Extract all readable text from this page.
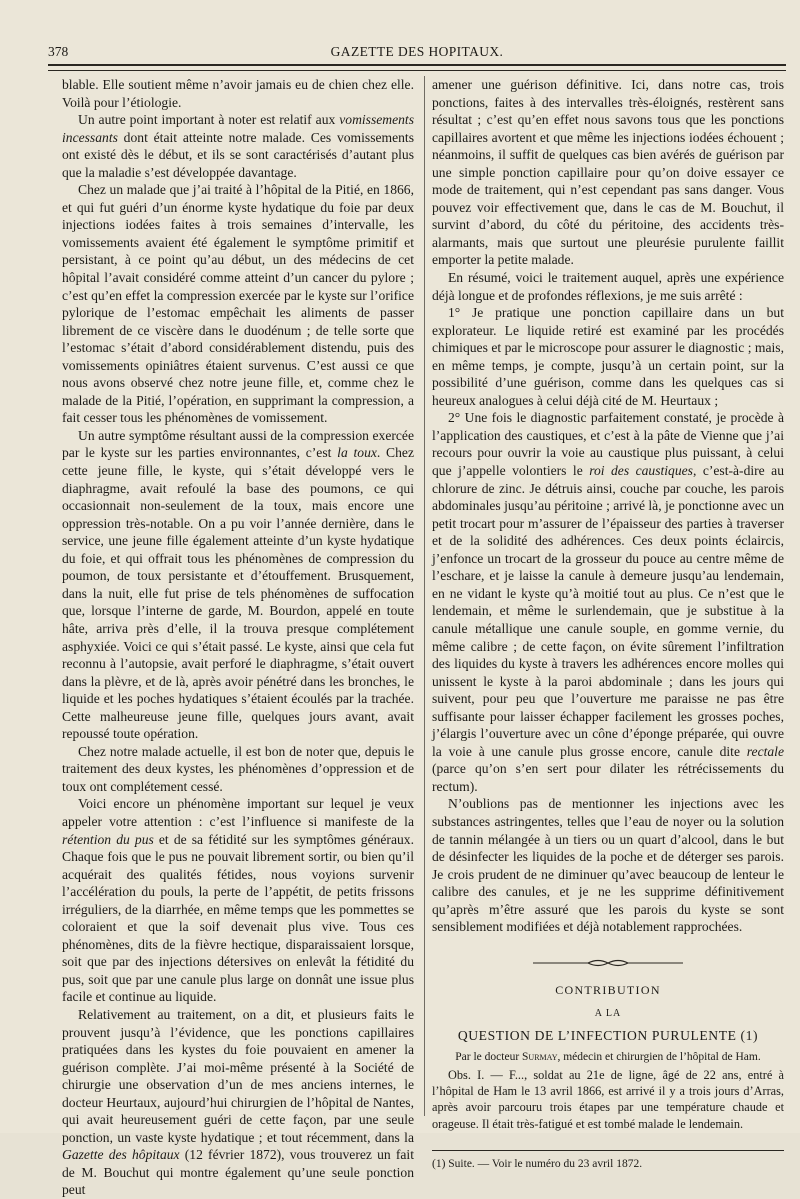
378	GAZETTE DES HOPITAUX.

blable. Elle soutient même n’avoir jamais eu de chien chez elle. Voilà pour l’étiologie.

Un autre point important à noter est relatif aux vomissements incessants dont était atteinte notre malade. Ces vomissements ont existé dès le début, et ils se sont caractérisés d’autant plus que la maladie s’est développée davantage.

Chez un malade que j’ai traité à l’hôpital de la Pitié, en 1866, et qui fut guéri d’un énorme kyste hydatique du foie par deux injections iodées faites à trois semaines d’intervalle, les vomissements avaient été également le symptôme primitif et persistant, à ce point qu’au début, un des médecins de cet hôpital l’avait considéré comme atteint d’un cancer du pylore ; c’est qu’en effet la compression exercée par le kyste sur l’orifice pylorique de l’estomac empêchait les aliments de passer librement de ce viscère dans le duodénum ; de telle sorte que l’estomac s’était d’abord considérablement distendu, puis des vomissements opiniâtres étaient survenus. C’est aussi ce que nous avons observé chez notre jeune fille, et, comme chez le malade de la Pitié, l’opération, en supprimant la compression, a fait cesser tous les phénomènes de vomissement.

Un autre symptôme résultant aussi de la compression exercée par le kyste sur les parties environnantes, c’est la toux. Chez cette jeune fille, le kyste, qui s’était développé vers le diaphragme, avait refoulé la base des poumons, ce qui occasionnait non-seulement de la toux, mais encore une oppression très-notable. On a pu voir l’année dernière, dans le service, une jeune fille également atteinte d’un kyste hydatique du foie, et qui offrait tous les phénomènes de compression du poumon, de toux persistante et d’étouffement. Brusquement, dans la nuit, elle fut prise de tels phénomènes de suffocation que, lorsque l’interne de garde, M. Bourdon, appelé en toute hâte, arriva près d’elle, il la trouva presque complétement asphyxiée. Voici ce qui s’était passé. Le kyste, ainsi que cela fut reconnu à l’autopsie, avait perforé le diaphragme, s’était ouvert dans la plèvre, et de là, après avoir pénétré dans les bronches, le liquide et les poches hydatiques s’étaient écoulés par la trachée. Cette malheureuse jeune fille, quelques jours avant, avait repoussé toute opération.

Chez notre malade actuelle, il est bon de noter que, depuis le traitement des deux kystes, les phénomènes d’oppression et de toux ont complétement cessé.

Voici encore un phénomène important sur lequel je veux appeler votre attention : c’est l’influence si manifeste de la rétention du pus et de sa fétidité sur les symptômes généraux. Chaque fois que le pus ne pouvait librement sortir, ou bien qu’il acquérait des qualités fétides, nous voyions survenir l’accélération du pouls, la perte de l’appétit, de petits frissons irréguliers, de la diarrhée, en même temps que les pommettes se coloraient et que la soif devenait plus vive. Tous ces phénomènes, dits de la fièvre hectique, disparaissaient lorsque, soit que par des injections détersives on enlevât la fétidité du pus, soit que par une canule plus large on donnât une issue plus facile et continue au liquide.

Relativement au traitement, on a dit, et plusieurs faits le prouvent jusqu’à l’évidence, que les ponctions capillaires pratiquées dans les kystes du foie pouvaient en amener la guérison complète. J’ai moi-même présenté à la Société de chirurgie une observation d’un de mes anciens internes, le docteur Heurtaux, aujourd’hui chirurgien de l’hôpital de Nantes, qui avait heureusement guéri de cette façon, par une seule ponction, un vaste kyste hydatique ; et tout récemment, dans la Gazette des hôpitaux (12 février 1872), vous trouverez un fait de M. Bouchut qui montre également qu’une seule ponction peut

amener une guérison définitive. Ici, dans notre cas, trois ponctions, faites à des intervalles très-éloignés, restèrent sans résultat ; c’est qu’en effet nous savons tous que les ponctions capillaires avortent et que même les injections iodées échouent ; néanmoins, il suffit de quelques cas bien avérés de guérison par une simple ponction capillaire pour qu’on doive essayer ce mode de traitement, qui n’est cependant pas sans danger. Vous pouvez voir effectivement que, dans le cas de M. Bouchut, il survint d’abord, du côté du péritoine, des accidents très-alarmants, mais que surtout une pleurésie purulente faillit emporter la petite malade.

En résumé, voici le traitement auquel, après une expérience déjà longue et de profondes réflexions, je me suis arrêté :

1° Je pratique une ponction capillaire dans un but explorateur. Le liquide retiré est examiné par les procédés chimiques et par le microscope pour assurer le diagnostic ; mais, en même temps, je compte, jusqu’à un certain point, sur la possibilité d’une guérison, comme dans les quelques cas si heureux analogues à celui déjà cité de M. Heurtaux ;

2° Une fois le diagnostic parfaitement constaté, je procède à l’application des caustiques, et c’est à la pâte de Vienne que j’ai recours pour ouvrir la voie au caustique plus puissant, à celui que j’appelle volontiers le roi des caustiques, c’est-à-dire au chlorure de zinc. Je détruis ainsi, couche par couche, les parois abdominales jusqu’au péritoine ; arrivé là, je ponctionne avec un petit trocart pour m’assurer de l’épaisseur des parties à traverser et de la solidité des adhérences. Ces deux points éclaircis, j’enfonce un trocart de la grosseur du pouce au centre même de l’eschare, et je laisse la canule à demeure jusqu’au lendemain, en ne vidant le kyste qu’à moitié tout au plus. Ce n’est que le lendemain, et même le surlendemain, que je substitue à la canule métallique une canule souple, en gomme vernie, du même calibre ; de cette façon, on évite sûrement l’infiltration des liquides du kyste à travers les adhérences encore molles qui unissent le kyste à la paroi abdominale ; dans les jours qui suivent, pour peu que l’ouverture me paraisse ne pas être suffisante pour laisser échapper facilement les grosses poches, j’élargis l’ouverture avec un cône d’éponge préparée, qui ouvre la voie à une canule plus grosse encore, canule dite rectale (parce qu’on s’en sert pour dilater les rétrécissements du rectum).

N’oublions pas de mentionner les injections avec les substances astringentes, telles que l’eau de noyer ou la solution de tannin mélangée à un tiers ou un quart d’alcool, dans le but de désinfecter les liquides de la poche et de déterger ses parois. Je crois prudent de ne diminuer qu’avec beaucoup de lenteur le calibre des canules, et je ne les supprime définitivement qu’après m’être assuré que les parois du kyste se sont sensiblement modifiées et déjà notablement rapprochées.

CONTRIBUTION
A LA
QUESTION DE L’INFECTION PURULENTE (1)
Par le docteur Surmay, médecin et chirurgien de l’hôpital de Ham.

Obs. I. — F..., soldat au 21e de ligne, âgé de 22 ans, entré à l’hôpital de Ham le 13 avril 1866, est arrivé il y a trois jours d’Arras, après avoir parcouru trois étapes par une température chaude et orageuse. Il était très-fatigué et est tombé malade le lendemain.

(1) Suite. — Voir le numéro du 23 avril 1872.
